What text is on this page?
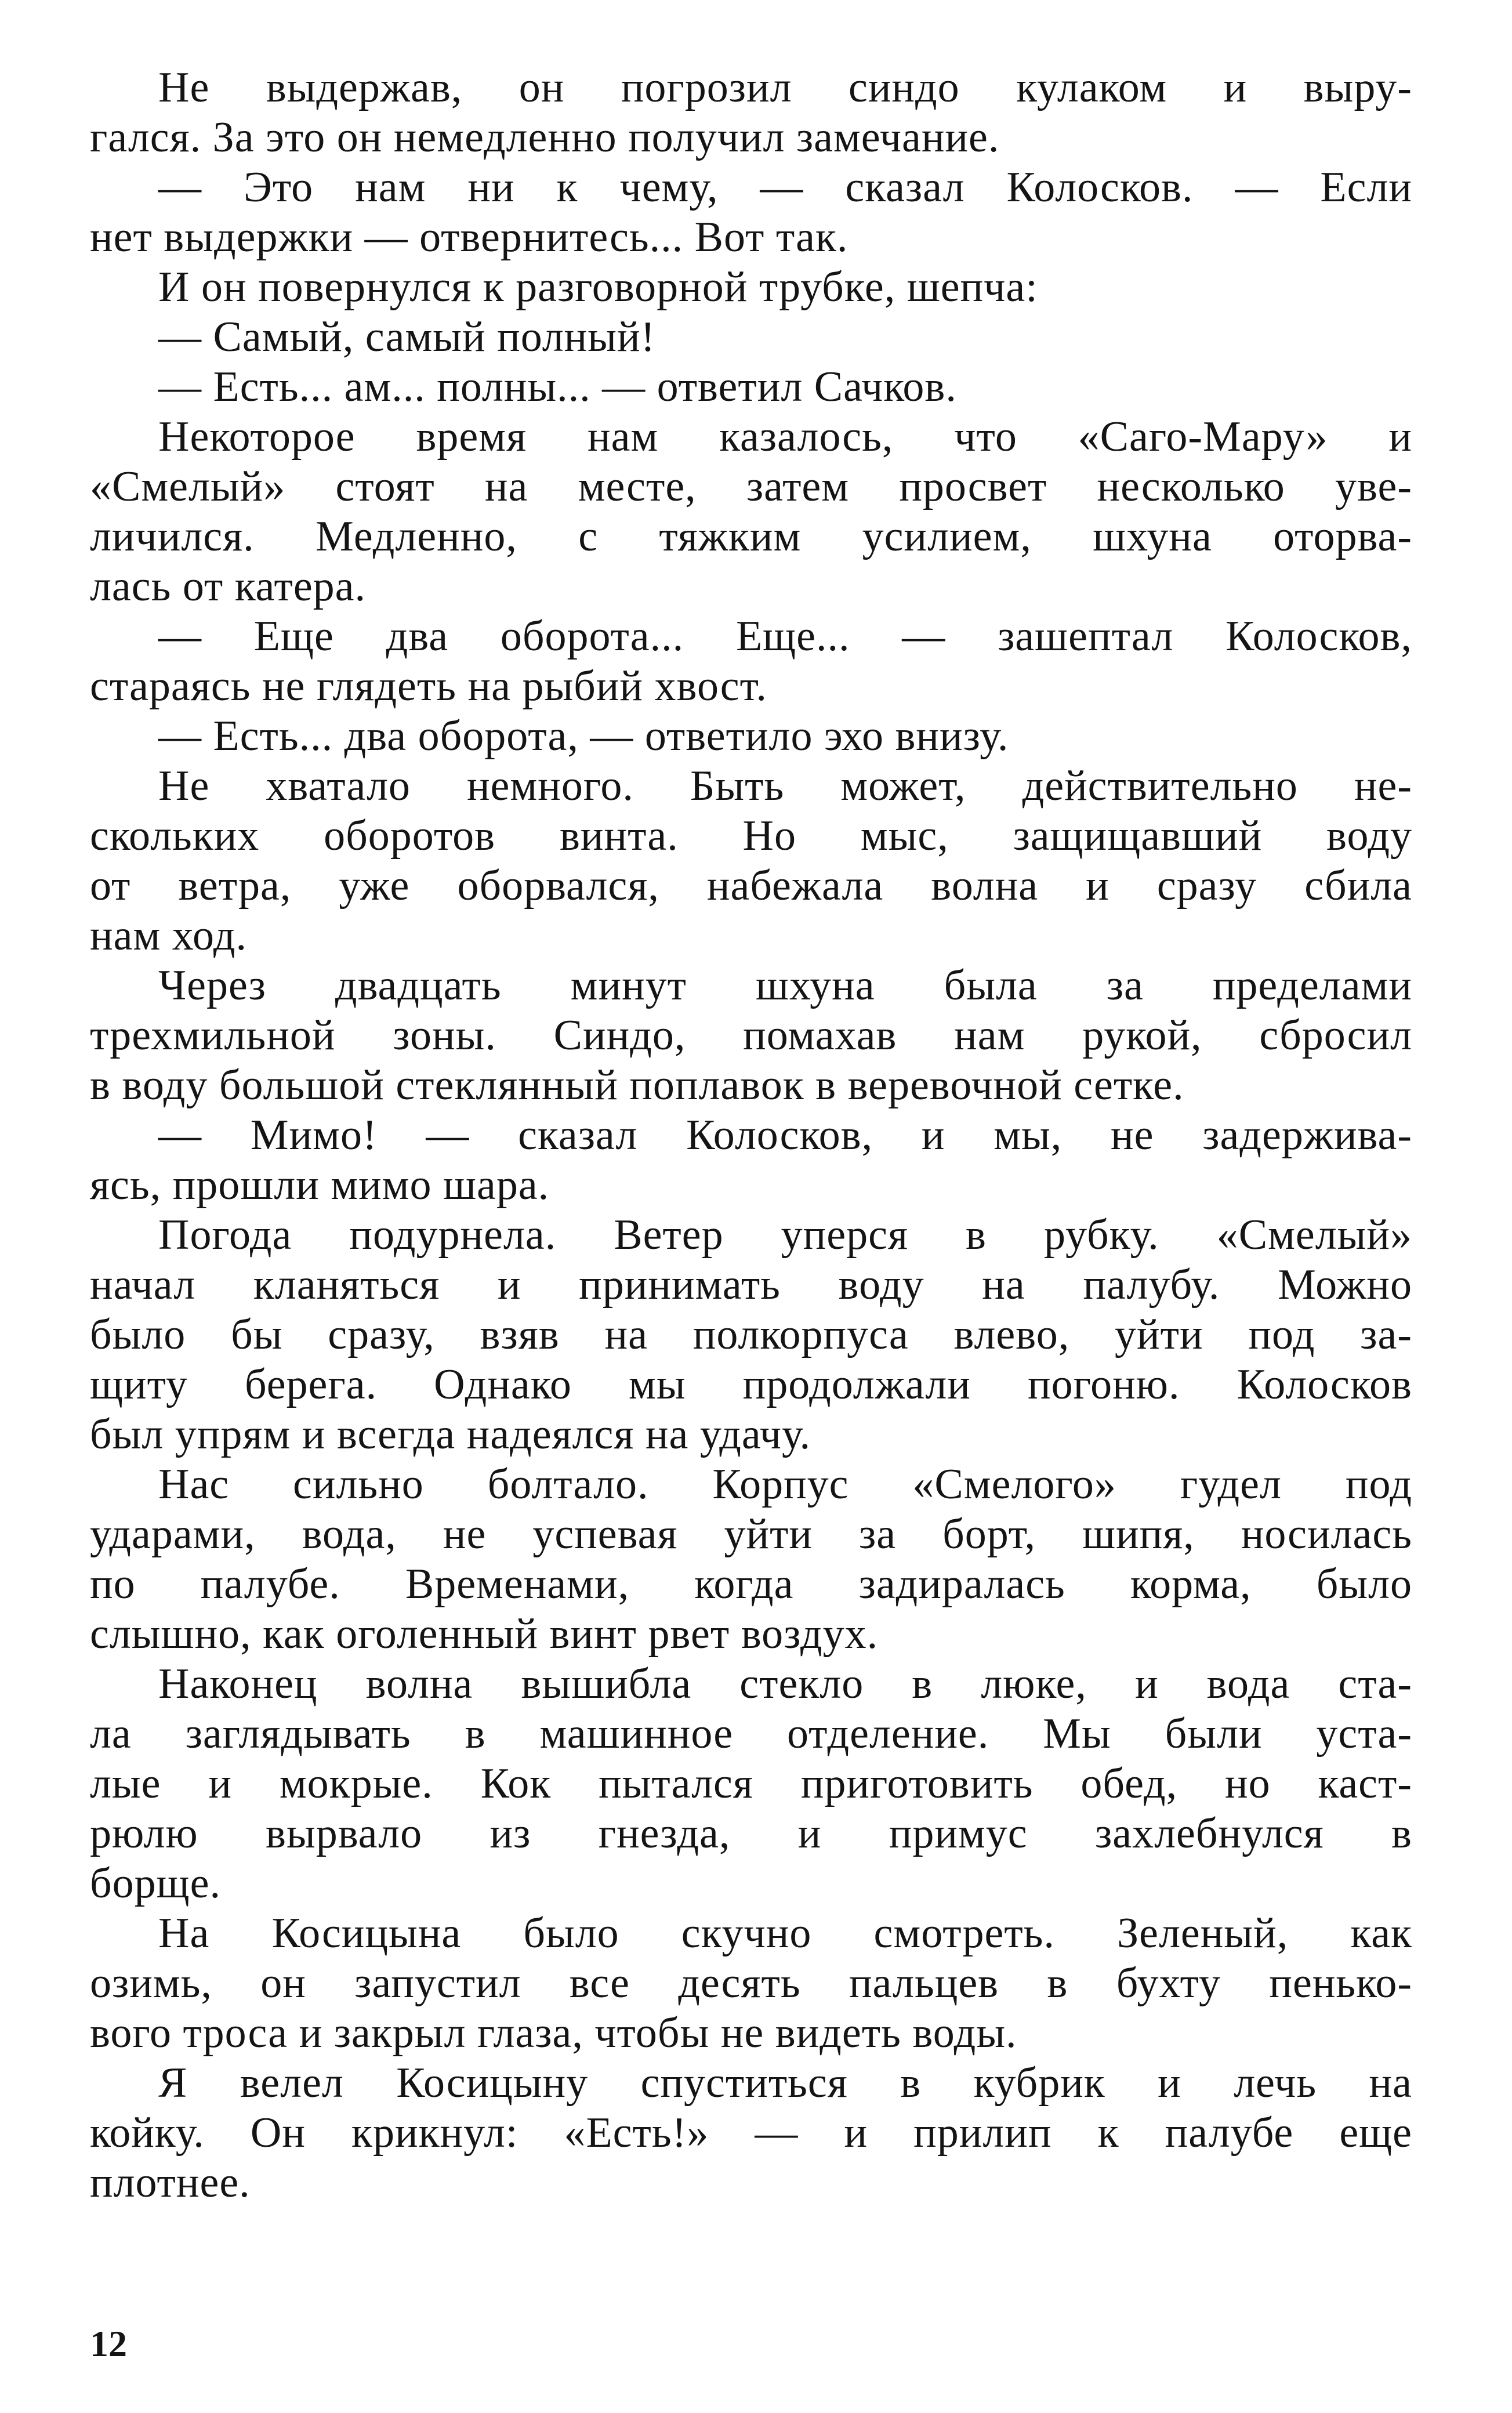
Не выдержав, он погрозил синдо кулаком и выру-
гался. За это он немедленно получил замечание.
— Это нам ни к чему, — сказал Колосков. — Если
нет выдержки — отвернитесь... Вот так.
И он повернулся к разговорной трубке, шепча:
— Самый, самый полный!
— Есть... ам... полны... — ответил Сачков.
Некоторое время нам казалось, что «Саго-Мару» и
«Смелый» стоят на месте, затем просвет несколько уве-
личился. Медленно, с тяжким усилием, шхуна оторва-
лась от катера.
— Еще два оборота... Еще... — зашептал Колосков,
стараясь не глядеть на рыбий хвост.
— Есть... два оборота, — ответило эхо внизу.
Не хватало немного. Быть может, действительно не-
скольких оборотов винта. Но мыс, защищавший воду
от ветра, уже оборвался, набежала волна и сразу сбила
нам ход.
Через двадцать минут шхуна была за пределами
трехмильной зоны. Синдо, помахав нам рукой, сбросил
в воду большой стеклянный поплавок в веревочной сетке.
— Мимо! — сказал Колосков, и мы, не задержива-
ясь, прошли мимо шара.
Погода подурнела. Ветер уперся в рубку. «Смелый»
начал кланяться и принимать воду на палубу. Можно
было бы сразу, взяв на полкорпуса влево, уйти под за-
щиту берега. Однако мы продолжали погоню. Колосков
был упрям и всегда надеялся на удачу.
Нас сильно болтало. Корпус «Смелого» гудел под
ударами, вода, не успевая уйти за борт, шипя, носилась
по палубе. Временами, когда задиралась корма, было
слышно, как оголенный винт рвет воздух.
Наконец волна вышибла стекло в люке, и вода ста-
ла заглядывать в машинное отделение. Мы были уста-
лые и мокрые. Кок пытался приготовить обед, но каст-
рюлю вырвало из гнезда, и примус захлебнулся в
борще.
На Косицына было скучно смотреть. Зеленый, как
озимь, он запустил все десять пальцев в бухту пенько-
вого троса и закрыл глаза, чтобы не видеть воды.
Я велел Косицыну спуститься в кубрик и лечь на
койку. Он крикнул: «Есть!» — и прилип к палубе еще
плотнее.
12
